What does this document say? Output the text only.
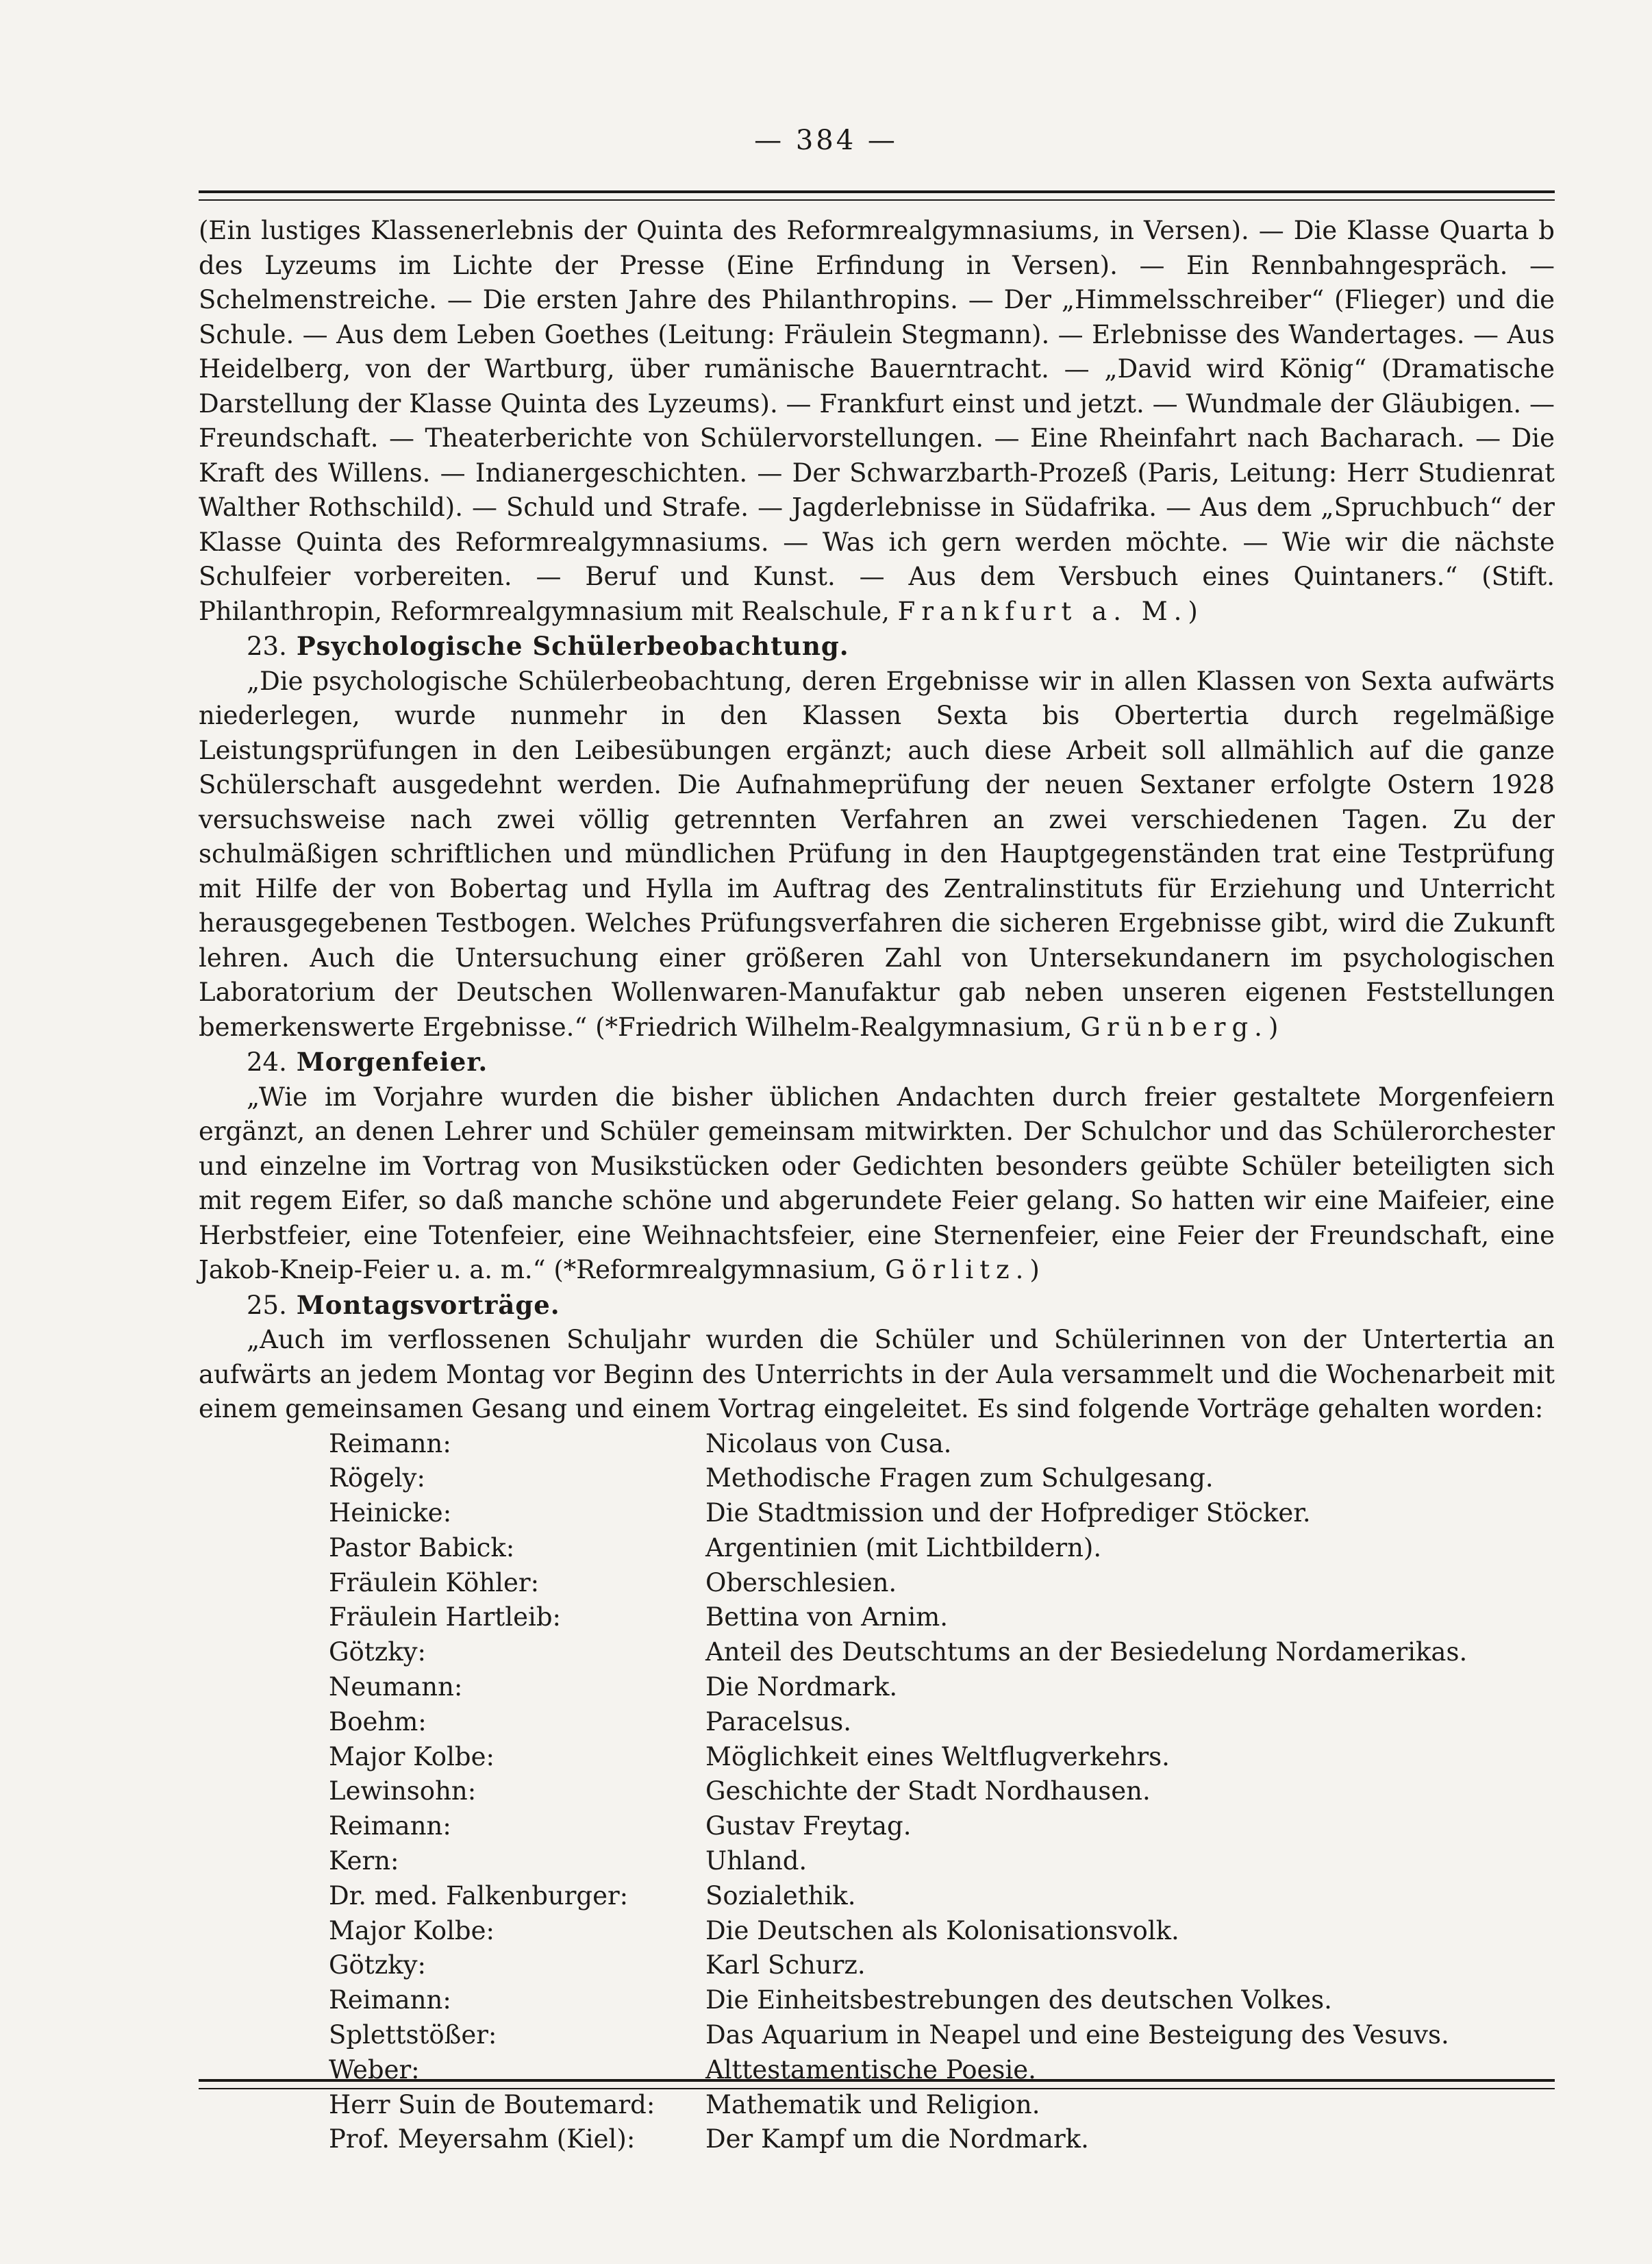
— 384 —

(Ein lustiges Klassenerlebnis der Quinta des Reformrealgymnasiums, in Versen). — Die Klasse Quarta b des Lyzeums im Lichte der Presse (Eine Erfindung in Versen). — Ein Rennbahngespräch. — Schelmenstreiche. — Die ersten Jahre des Philanthropins. — Der „Himmelsschreiber“ (Flieger) und die Schule. — Aus dem Leben Goethes (Leitung: Fräulein Stegmann). — Erlebnisse des Wandertages. — Aus Heidelberg, von der Wartburg, über rumänische Bauerntracht. — „David wird König“ (Dramatische Darstellung der Klasse Quinta des Lyzeums). — Frankfurt einst und jetzt. — Wundmale der Gläubigen. — Freundschaft. — Theaterberichte von Schülervorstellungen. — Eine Rheinfahrt nach Bacharach. — Die Kraft des Willens. — Indianergeschichten. — Der Schwarzbarth-Prozeß (Paris, Leitung: Herr Studienrat Walther Rothschild). — Schuld und Strafe. — Jagderlebnisse in Südafrika. — Aus dem „Spruchbuch“ der Klasse Quinta des Reformrealgymnasiums. — Was ich gern werden möchte. — Wie wir die nächste Schulfeier vorbereiten. — Beruf und Kunst. — Aus dem Versbuch eines Quintaners.“ (Stift. Philanthropin, Reformrealgymnasium mit Realschule, Frankfurt a. M.)

23. Psychologische Schülerbeobachtung.

„Die psychologische Schülerbeobachtung, deren Ergebnisse wir in allen Klassen von Sexta aufwärts niederlegen, wurde nunmehr in den Klassen Sexta bis Obertertia durch regelmäßige Leistungsprüfungen in den Leibesübungen ergänzt; auch diese Arbeit soll allmählich auf die ganze Schülerschaft ausgedehnt werden. Die Aufnahmeprüfung der neuen Sextaner erfolgte Ostern 1928 versuchsweise nach zwei völlig getrennten Verfahren an zwei verschiedenen Tagen. Zu der schulmäßigen schriftlichen und mündlichen Prüfung in den Hauptgegenständen trat eine Testprüfung mit Hilfe der von Bobertag und Hylla im Auftrag des Zentralinstituts für Erziehung und Unterricht herausgegebenen Testbogen. Welches Prüfungsverfahren die sicheren Ergebnisse gibt, wird die Zukunft lehren. Auch die Untersuchung einer größeren Zahl von Untersekundanern im psychologischen Laboratorium der Deutschen Wollenwaren-Manufaktur gab neben unseren eigenen Feststellungen bemerkenswerte Ergebnisse.“ (*Friedrich Wilhelm-Realgymnasium, Grünberg.)

24. Morgenfeier.

„Wie im Vorjahre wurden die bisher üblichen Andachten durch freier gestaltete Morgenfeiern ergänzt, an denen Lehrer und Schüler gemeinsam mitwirkten. Der Schulchor und das Schülerorchester und einzelne im Vortrag von Musikstücken oder Gedichten besonders geübte Schüler beteiligten sich mit regem Eifer, so daß manche schöne und abgerundete Feier gelang. So hatten wir eine Maifeier, eine Herbstfeier, eine Totenfeier, eine Weihnachtsfeier, eine Sternenfeier, eine Feier der Freundschaft, eine Jakob-Kneip-Feier u. a. m.“ (*Reformrealgymnasium, Görlitz.)

25. Montagsvorträge.

„Auch im verflossenen Schuljahr wurden die Schüler und Schülerinnen von der Untertertia an aufwärts an jedem Montag vor Beginn des Unterrichts in der Aula versammelt und die Wochenarbeit mit einem gemeinsamen Gesang und einem Vortrag eingeleitet. Es sind folgende Vorträge gehalten worden:

Reimann:	Nicolaus von Cusa.
Rögely:	Methodische Fragen zum Schulgesang.
Heinicke:	Die Stadtmission und der Hofprediger Stöcker.
Pastor Babick:	Argentinien (mit Lichtbildern).
Fräulein Köhler:	Oberschlesien.
Fräulein Hartleib:	Bettina von Arnim.
Götzky:	Anteil des Deutschtums an der Besiedelung Nordamerikas.
Neumann:	Die Nordmark.
Boehm:	Paracelsus.
Major Kolbe:	Möglichkeit eines Weltflugverkehrs.
Lewinsohn:	Geschichte der Stadt Nordhausen.
Reimann:	Gustav Freytag.
Kern:	Uhland.
Dr. med. Falkenburger:	Sozialethik.
Major Kolbe:	Die Deutschen als Kolonisationsvolk.
Götzky:	Karl Schurz.
Reimann:	Die Einheitsbestrebungen des deutschen Volkes.
Splettstößer:	Das Aquarium in Neapel und eine Besteigung des Vesuvs.
Weber:	Alttestamentische Poesie.
Herr Suin de Boutemard:	Mathematik und Religion.
Prof. Meyersahm (Kiel):	Der Kampf um die Nordmark.
